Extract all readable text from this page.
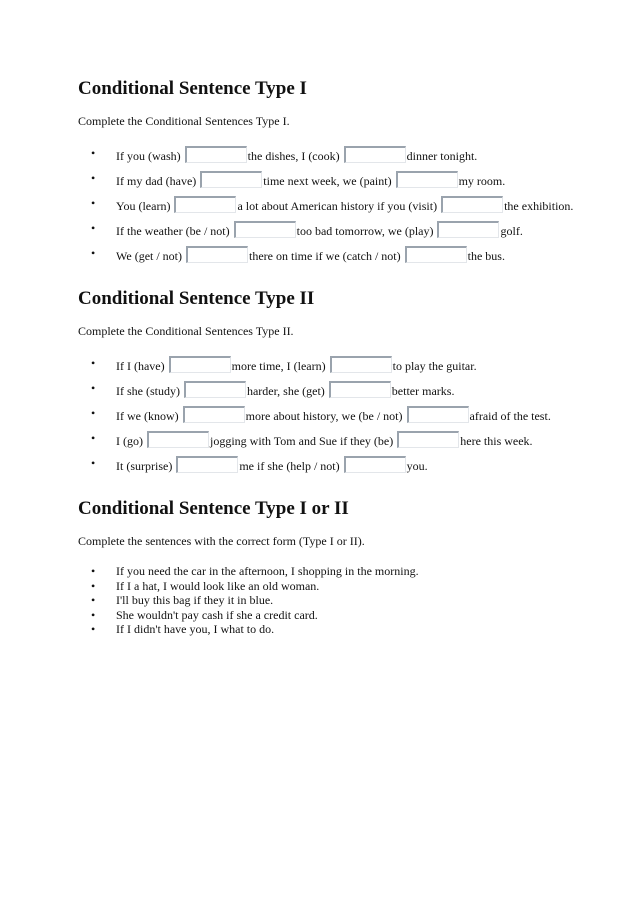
Conditional Sentence Type I
Complete the Conditional Sentences Type I.
• If you (wash)	the dishes, I (cook)	dinner tonight.
• If my dad (have)	time next week, we (paint)	my room.
• You (learn)	a lot about American history if you (visit)	the exhibition.
• If the weather (be / not)	too bad tomorrow, we (play)	golf.
• We (get / not)	there on time if we (catch / not)	the bus.
Conditional Sentence Type II
Complete the Conditional Sentences Type II.
• If I (have)	more time, I (learn)	to play the guitar.
• If she (study)	harder, she (get)	better marks.
• If we (know)	more about history, we (be / not)	afraid of the test.
• I (go)	jogging with Tom and Sue if they (be)	here this week.
• It (surprise)	me if she (help / not)	you.
Conditional Sentence Type I or II
Complete the sentences with the correct form (Type I or II).
• If you need the car in the afternoon, I shopping in the morning.
• If I a hat, I would look like an old woman.
• I'll buy this bag if they it in blue.
• She wouldn't pay cash if she a credit card.
• If I didn't have you, I what to do.
